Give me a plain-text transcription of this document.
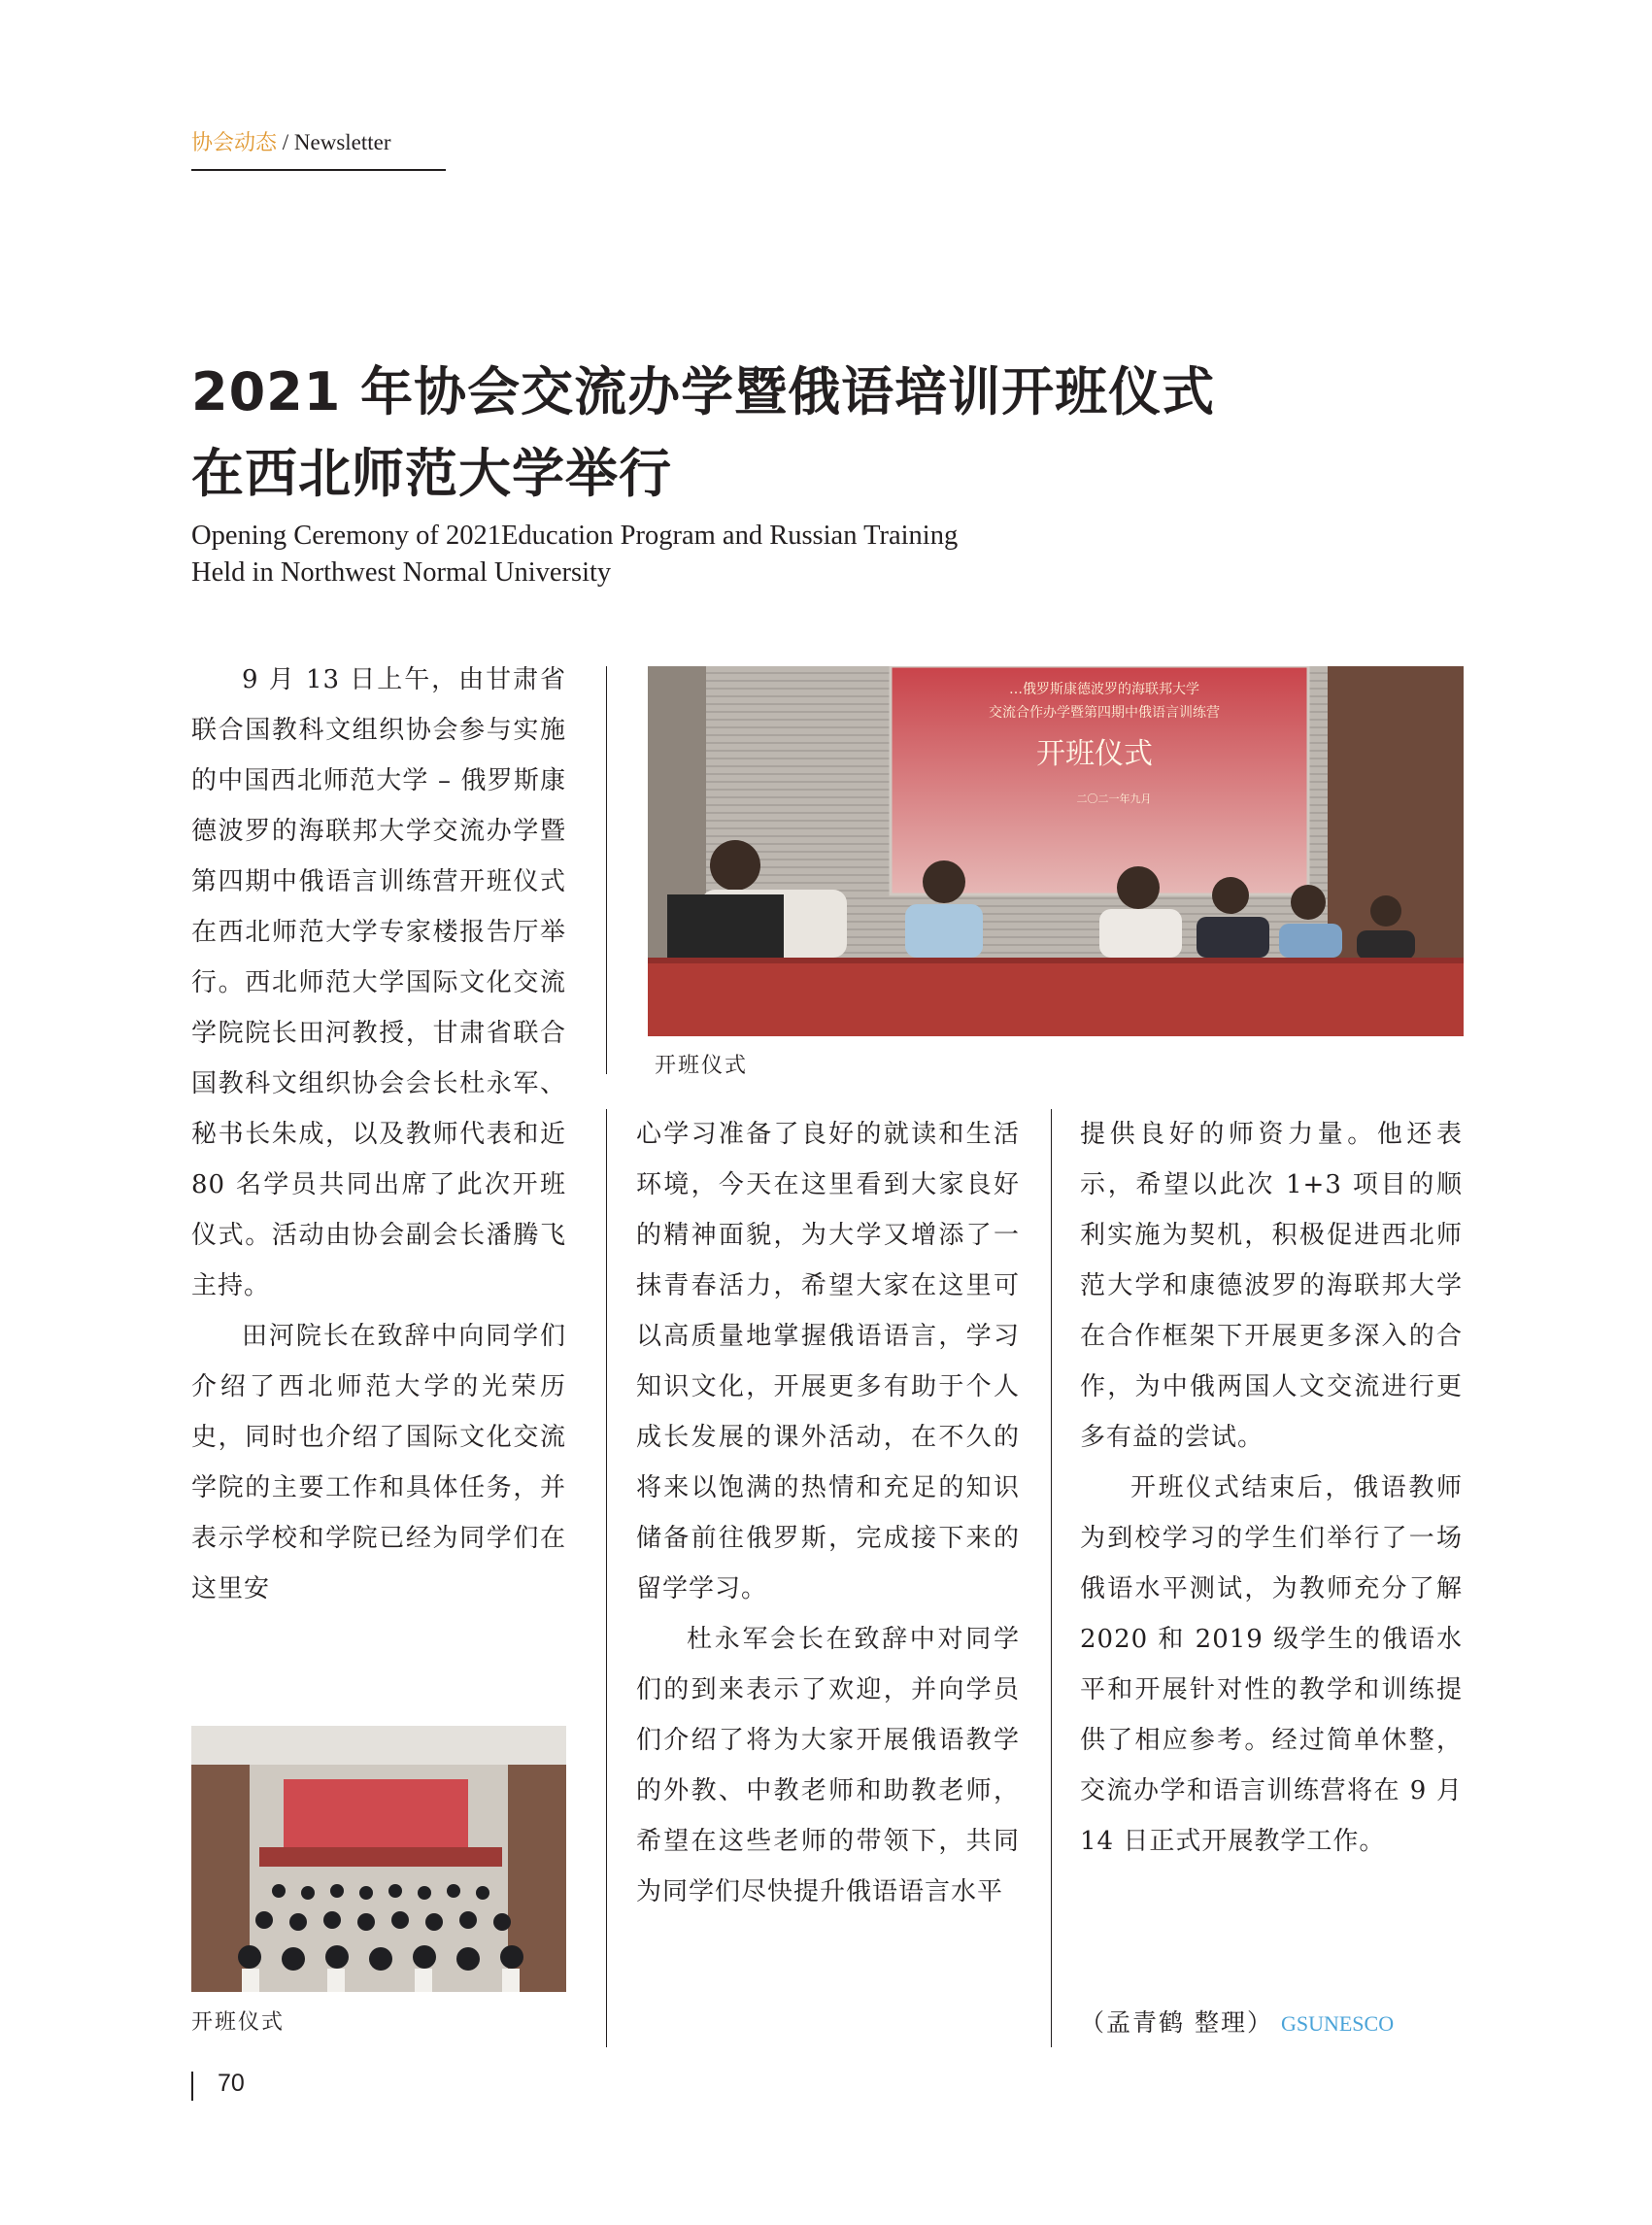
协会动态 / Newsletter
2021 年协会交流办学暨俄语培训开班仪式
在西北师范大学举行
Opening Ceremony of 2021Education Program and Russian Training
Held in Northwest Normal University

9 月 13 日上午，由甘肃省联合国教科文组织协会参与实施的中国西北师范大学 – 俄罗斯康德波罗的海联邦大学交流办学暨第四期中俄语言训练营开班仪式在西北师范大学专家楼报告厅举行。西北师范大学国际文化交流学院院长田河教授，甘肃省联合国教科文组织协会会长杜永军、秘书长朱成，以及教师代表和近 80 名学员共同出席了此次开班仪式。活动由协会副会长潘腾飞主持。

田河院长在致辞中向同学们介绍了西北师范大学的光荣历史，同时也介绍了国际文化交流学院的主要工作和具体任务，并表示学校和学院已经为同学们在这里安

…俄罗斯康德波罗的海联邦大学
交流合作办学暨第四期中俄语言训练营
开班仪式
二〇二一年九月
开班仪式

心学习准备了良好的就读和生活环境，今天在这里看到大家良好的精神面貌，为大学又增添了一抹青春活力，希望大家在这里可以高质量地掌握俄语语言，学习知识文化，开展更多有助于个人成长发展的课外活动，在不久的将来以饱满的热情和充足的知识储备前往俄罗斯，完成接下来的留学学习。

杜永军会长在致辞中对同学们的到来表示了欢迎，并向学员们介绍了将为大家开展俄语教学的外教、中教老师和助教老师，希望在这些老师的带领下，共同为同学们尽快提升俄语语言水平

提供良好的师资力量。他还表示，希望以此次 1+3 项目的顺利实施为契机，积极促进西北师范大学和康德波罗的海联邦大学在合作框架下开展更多深入的合作，为中俄两国人文交流进行更多有益的尝试。

开班仪式结束后，俄语教师为到校学习的学生们举行了一场俄语水平测试，为教师充分了解 2020 和 2019 级学生的俄语水平和开展针对性的教学和训练提供了相应参考。经过简单休整，交流办学和语言训练营将在 9 月 14 日正式开展教学工作。

（孟青鹤 整理） GSUNESCO
开班仪式
70
